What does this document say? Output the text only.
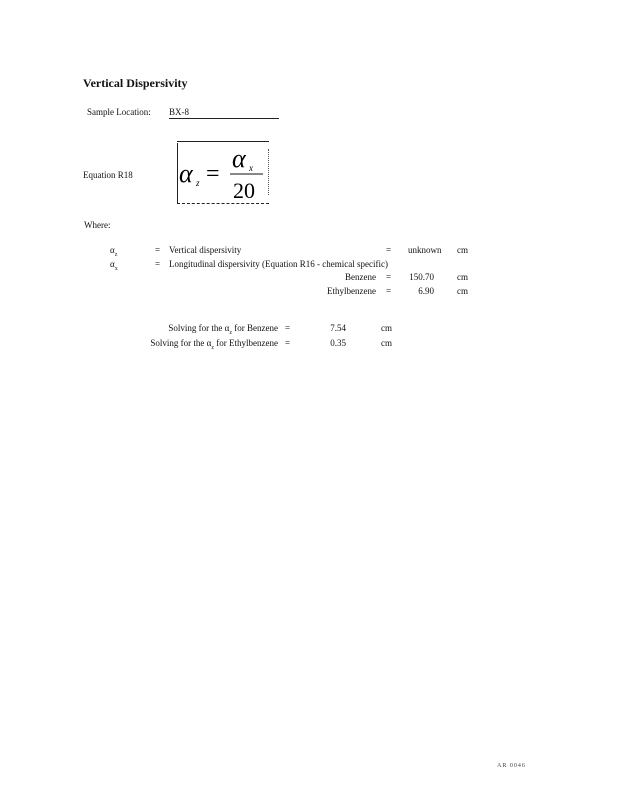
Vertical Dispersivity
Sample Location: BX-8
Equation R18 α z =
α x
20
Where:
$\alpha_z$	= Vertical dispersivity	= unknown cm
$\alpha_x$	= Longitudinal dispersivity (Equation R16 - chemical specific)
Benzene =	150.70	cm
Ethylbenzene =	6.90	cm
Solving for the $\alpha_z$ for Benzene =	7.54	cm
Solving for the $\alpha_z$ for Ethylbenzene =	0.35	cm
AR 0046
